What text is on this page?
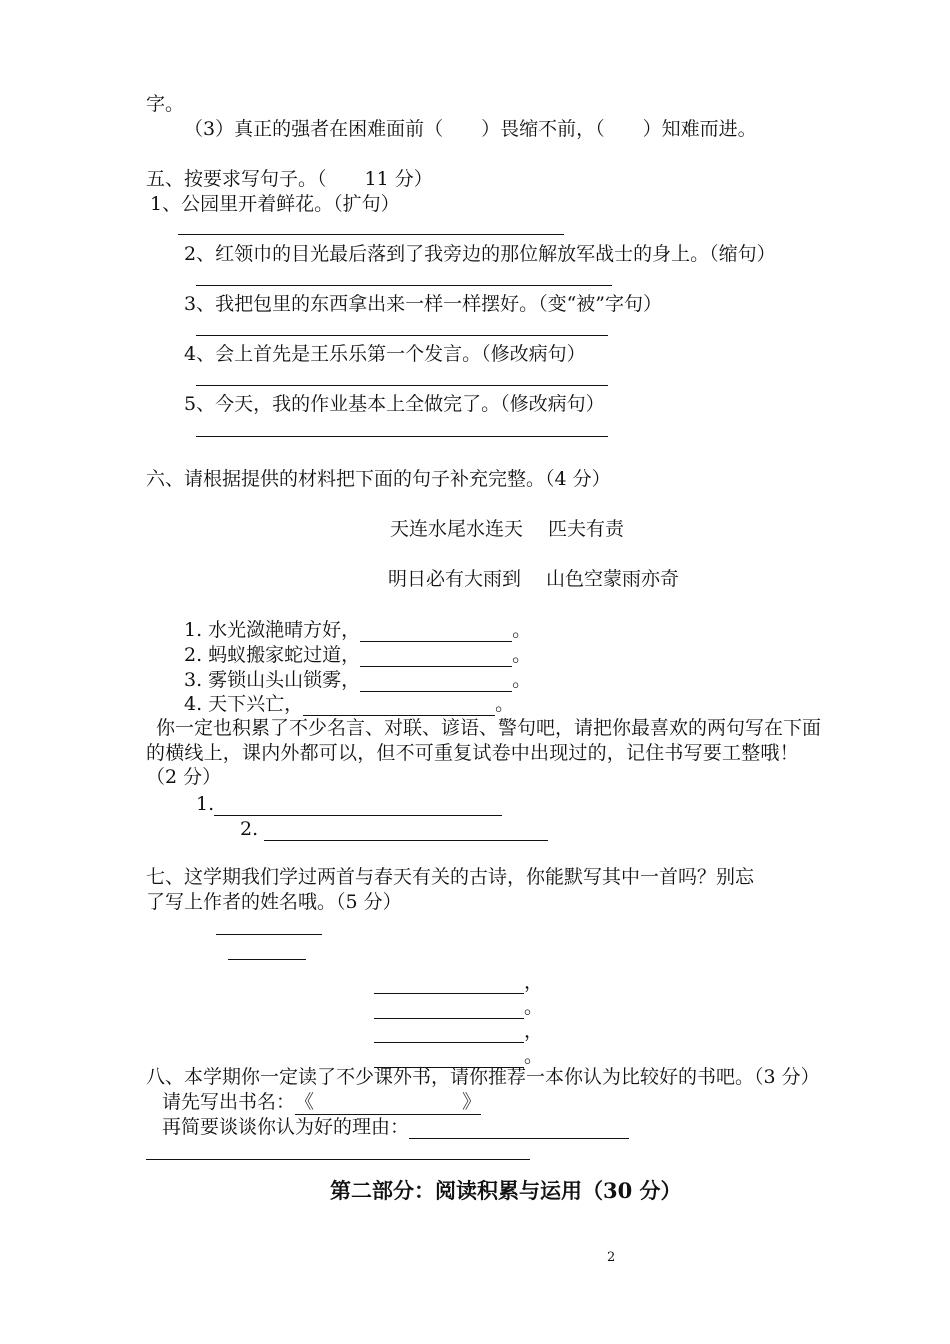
字。
（3）真正的强者在困难面前（　　）畏缩不前，（　　）知难而进。
五、按要求写句子。（　　11 分）
1、公园里开着鲜花。（扩句）
2、红领巾的目光最后落到了我旁边的那位解放军战士的身上。（缩句）
3、我把包里的东西拿出来一样一样摆好。（变“被”字句）
4、会上首先是王乐乐第一个发言。（修改病句）
5、今天，我的作业基本上全做完了。（修改病句）
六、请根据提供的材料把下面的句子补充完整。（4 分）
天连水尾水连天　 匹夫有责
明日必有大雨到　 山色空蒙雨亦奇
1. 水光潋滟晴方好，	。
2. 蚂蚁搬家蛇过道，	。
3. 雾锁山头山锁雾，	。
4. 天下兴亡，	。
你一定也积累了不少名言、对联、谚语、警句吧，请把你最喜欢的两句写在下面
的横线上，课内外都可以，但不可重复试卷中出现过的，记住书写要工整哦！
（2 分）
1.
2.
七、这学期我们学过两首与春天有关的古诗，你能默写其中一首吗？别忘
了写上作者的姓名哦。（5 分）
，
。
，
。
八、本学期你一定读了不少课外书，请你推荐一本你认为比较好的书吧。（3 分）
请先写出书名：《	》
再简要谈谈你认为好的理由：
第二部分：阅读积累与运用（30 分）
2
